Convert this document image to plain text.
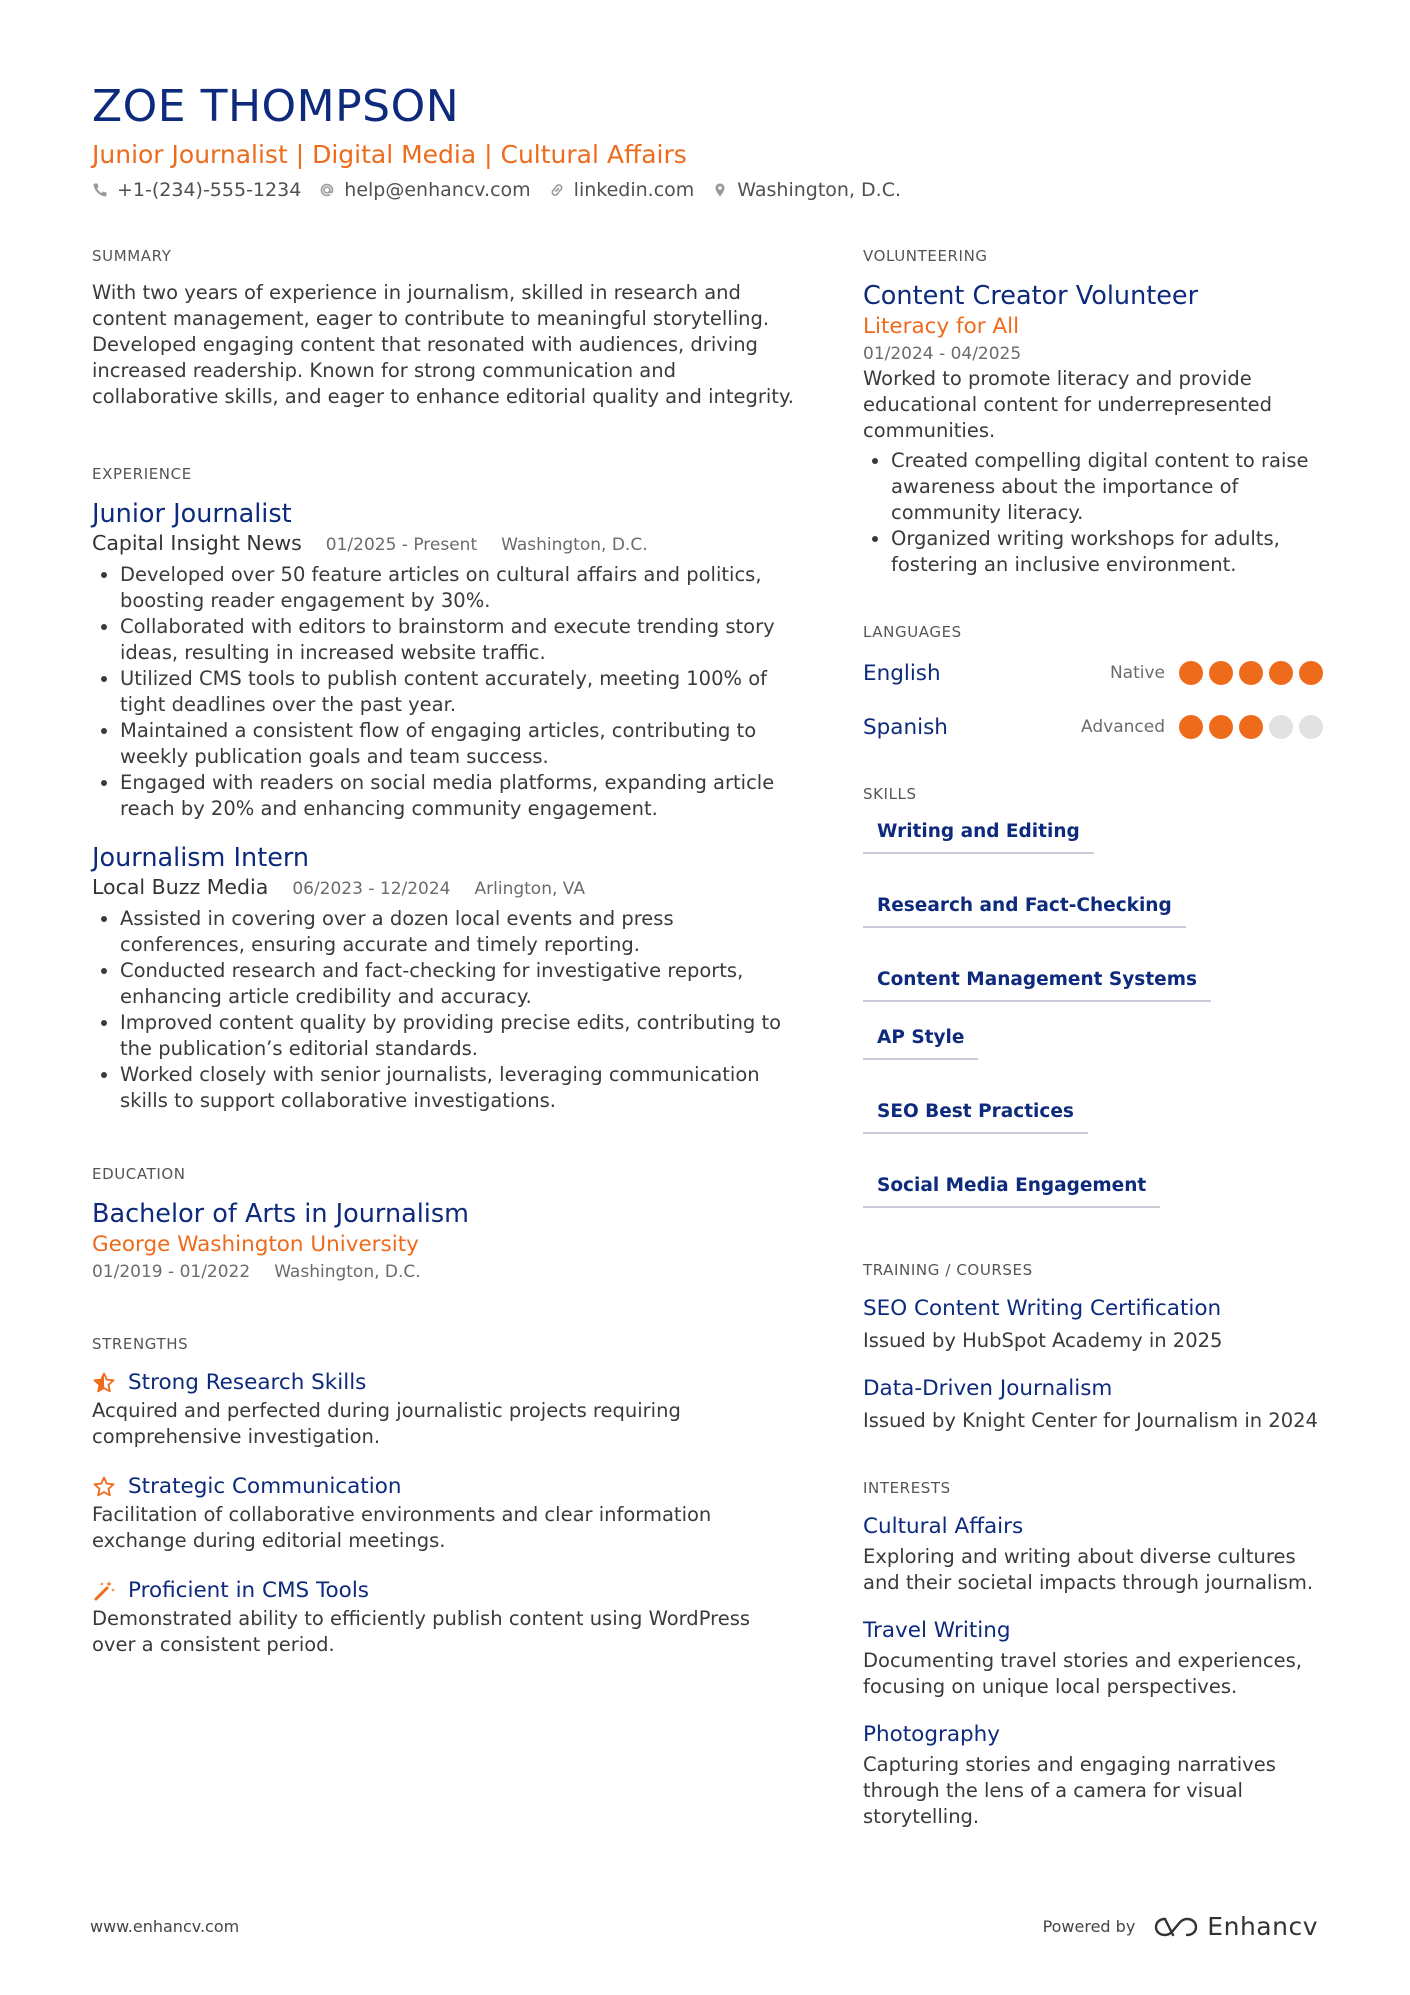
ZOE THOMPSON
Junior Journalist | Digital Media | Cultural Affairs
+1-(234)-555-1234 help@enhancv.com linkedin.com Washington, D.C.
SUMMARY
With two years of experience in journalism, skilled in research and content management, eager to contribute to meaningful storytelling. Developed engaging content that resonated with audiences, driving increased readership. Known for strong communication and collaborative skills, and eager to enhance editorial quality and integrity.
EXPERIENCE
Junior Journalist
Capital Insight News 01/2025 - Present Washington, D.C.
• Developed over 50 feature articles on cultural affairs and politics, boosting reader engagement by 30%.
• Collaborated with editors to brainstorm and execute trending story ideas, resulting in increased website traffic.
• Utilized CMS tools to publish content accurately, meeting 100% of tight deadlines over the past year.
• Maintained a consistent flow of engaging articles, contributing to weekly publication goals and team success.
• Engaged with readers on social media platforms, expanding article reach by 20% and enhancing community engagement.
Journalism Intern
Local Buzz Media 06/2023 - 12/2024 Arlington, VA
• Assisted in covering over a dozen local events and press conferences, ensuring accurate and timely reporting.
• Conducted research and fact-checking for investigative reports, enhancing article credibility and accuracy.
• Improved content quality by providing precise edits, contributing to the publication’s editorial standards.
• Worked closely with senior journalists, leveraging communication skills to support collaborative investigations.
EDUCATION
Bachelor of Arts in Journalism
George Washington University
01/2019 - 01/2022 Washington, D.C.
STRENGTHS
Strong Research Skills
Acquired and perfected during journalistic projects requiring comprehensive investigation.
Strategic Communication
Facilitation of collaborative environments and clear information exchange during editorial meetings.
Proficient in CMS Tools
Demonstrated ability to efficiently publish content using WordPress over a consistent period.
VOLUNTEERING
Content Creator Volunteer
Literacy for All
01/2024 - 04/2025
Worked to promote literacy and provide educational content for underrepresented communities.
• Created compelling digital content to raise awareness about the importance of community literacy.
• Organized writing workshops for adults, fostering an inclusive environment.
LANGUAGES
English	Native
Spanish	Advanced
SKILLS
Writing and Editing
Research and Fact-Checking
Content Management Systems
AP Style
SEO Best Practices
Social Media Engagement
TRAINING / COURSES
SEO Content Writing Certification
Issued by HubSpot Academy in 2025
Data-Driven Journalism
Issued by Knight Center for Journalism in 2024
INTERESTS
Cultural Affairs
Exploring and writing about diverse cultures and their societal impacts through journalism.
Travel Writing
Documenting travel stories and experiences, focusing on unique local perspectives.
Photography
Capturing stories and engaging narratives through the lens of a camera for visual storytelling.
www.enhancv.com	Powered by	Enhancv
